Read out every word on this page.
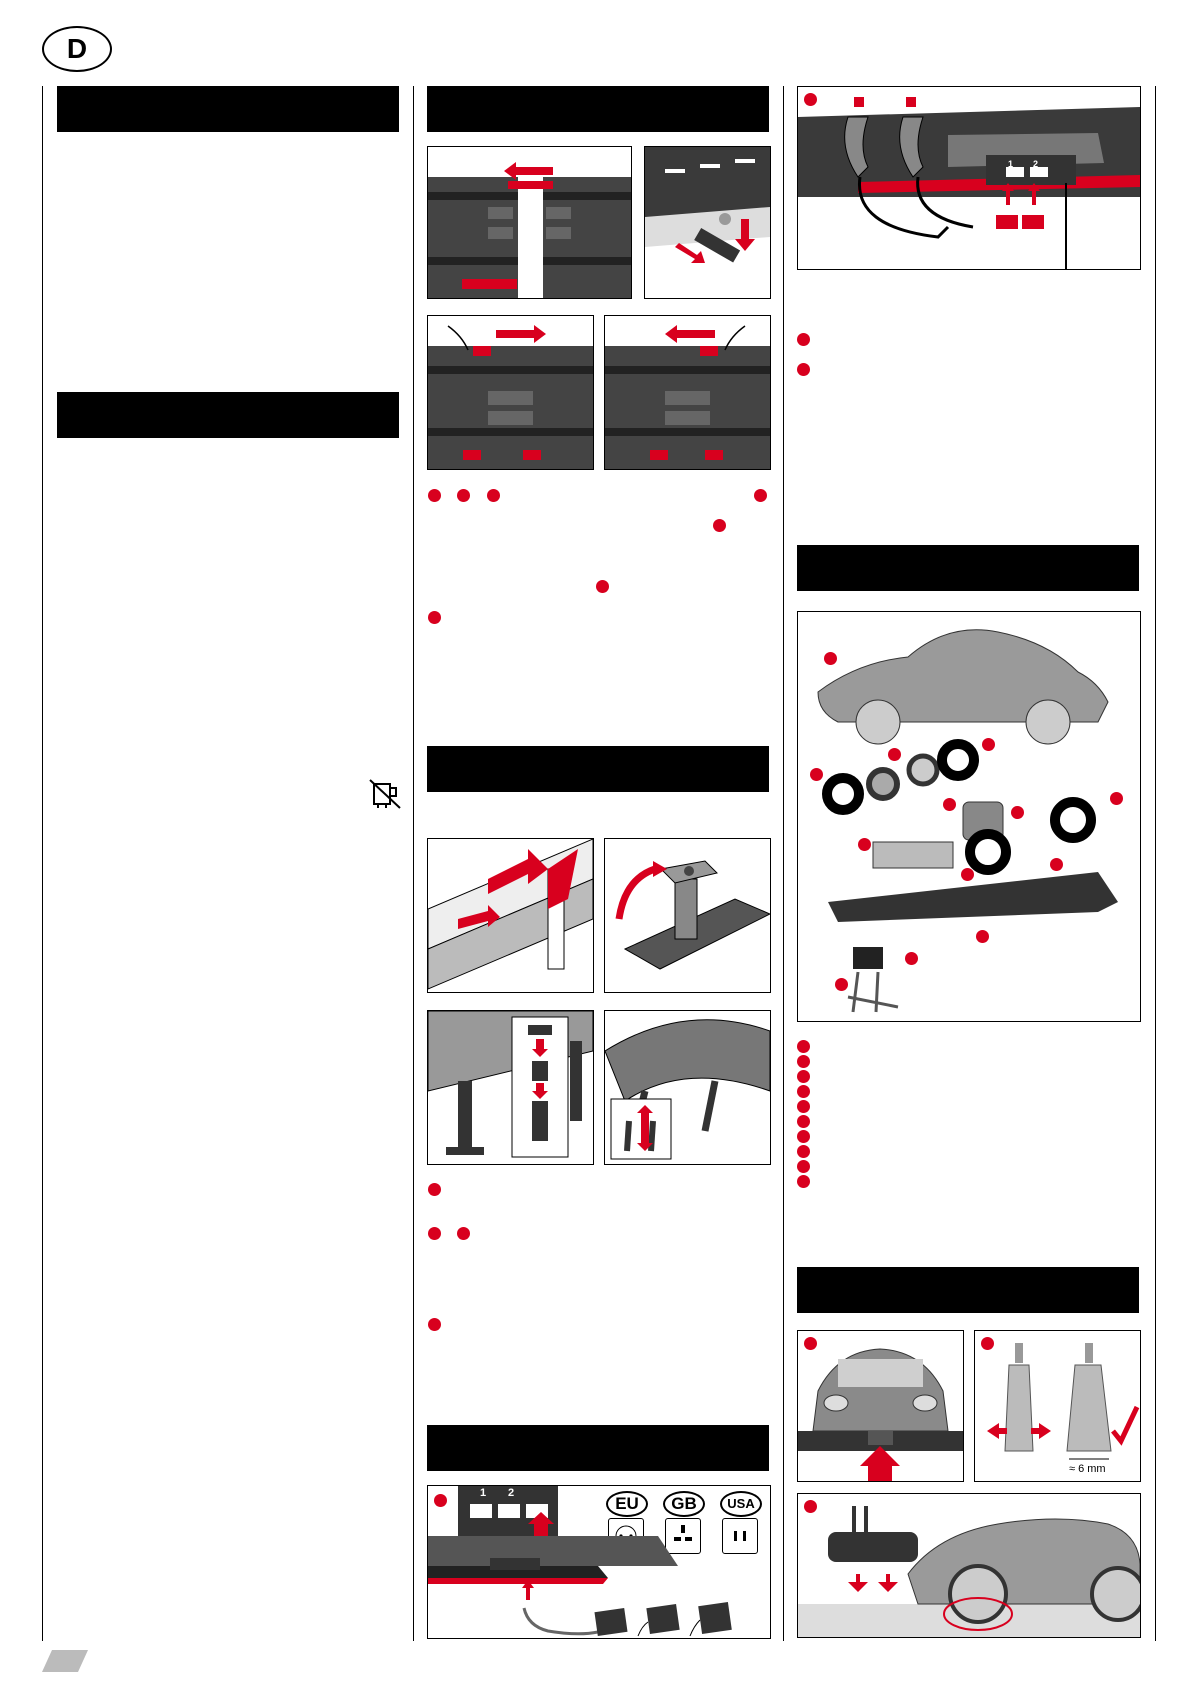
D
1 2
EU	GB	USA
1 2
≈ 6 mm
